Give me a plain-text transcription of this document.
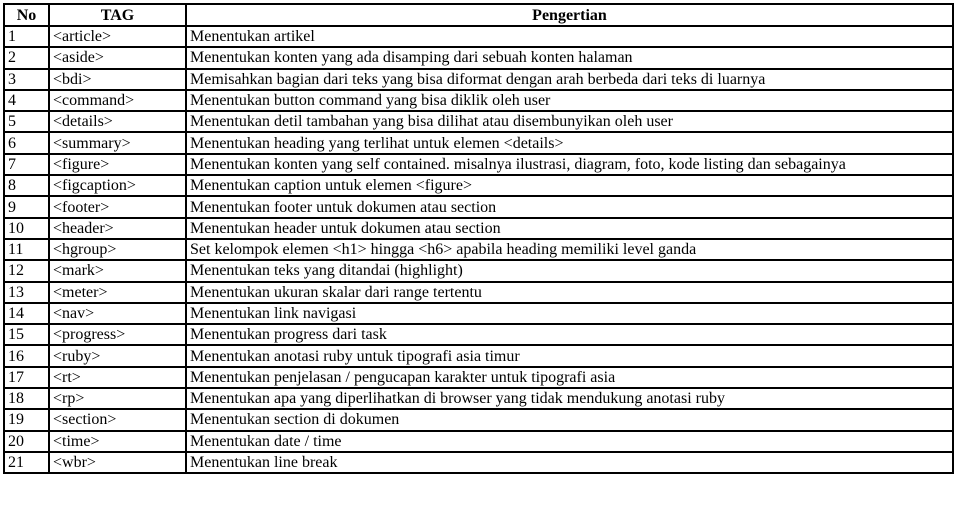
No	TAG	Pengertian
1	<article>	Menentukan artikel
2	<aside>	Menentukan konten yang ada disamping dari sebuah konten halaman
3	<bdi>	Memisahkan bagian dari teks yang bisa diformat dengan arah berbeda dari teks di luarnya
4	<command>	Menentukan button command yang bisa diklik oleh user
5	<details>	Menentukan detil tambahan yang bisa dilihat atau disembunyikan oleh user
6	<summary>	Menentukan heading yang terlihat untuk elemen <details>
7	<figure>	Menentukan konten yang self contained. misalnya ilustrasi, diagram, foto, kode listing dan sebagainya
8	<figcaption>	Menentukan caption untuk elemen <figure>
9	<footer>	Menentukan footer untuk dokumen atau section
10	<header>	Menentukan header untuk dokumen atau section
11	<hgroup>	Set kelompok elemen <h1> hingga <h6> apabila heading memiliki level ganda
12	<mark>	Menentukan teks yang ditandai (highlight)
13	<meter>	Menentukan ukuran skalar dari range tertentu
14	<nav>	Menentukan link navigasi
15	<progress>	Menentukan progress dari task
16	<ruby>	Menentukan anotasi ruby untuk tipografi asia timur
17	<rt>	Menentukan penjelasan / pengucapan karakter untuk tipografi asia
18	<rp>	Menentukan apa yang diperlihatkan di browser yang tidak mendukung anotasi ruby
19	<section>	Menentukan section di dokumen
20	<time>	Menentukan date / time
21	<wbr>	Menentukan line break
